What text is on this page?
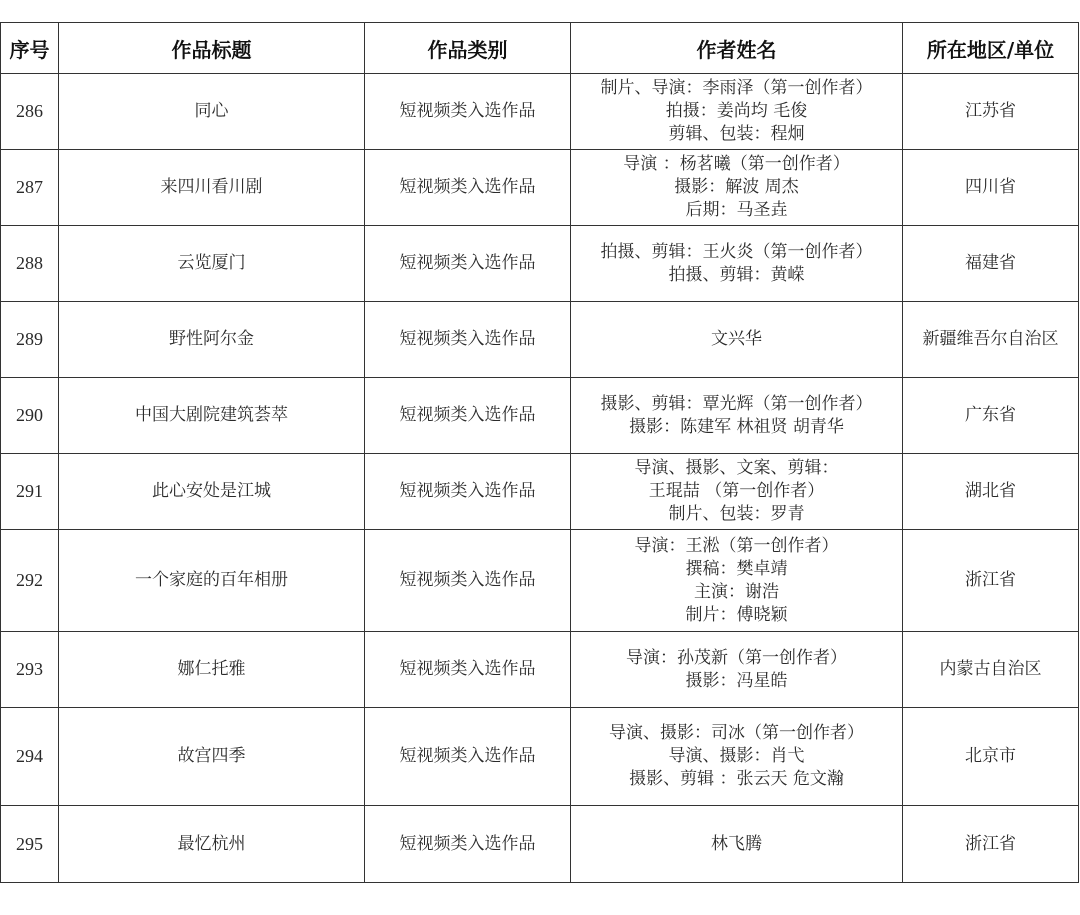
序号	作品标题	作品类别	作者姓名	所在地区/单位
286	同心	短视频类入选作品	制片、导演：李雨泽（第一创作者）
拍摄：姜尚均 毛俊
剪辑、包装：程炯	江苏省
287	来四川看川剧	短视频类入选作品	导演 ：杨茗曦（第一创作者）
摄影：解波 周杰
后期：马圣垚	四川省
288	云览厦门	短视频类入选作品	拍摄、剪辑：王火炎（第一创作者）
拍摄、剪辑：黄嵘	福建省
289	野性阿尔金	短视频类入选作品	文兴华	新疆维吾尔自治区
290	中国大剧院建筑荟萃	短视频类入选作品	摄影、剪辑：覃光辉（第一创作者）
摄影：陈建军 林祖贤 胡青华	广东省
291	此心安处是江城	短视频类入选作品	导演、摄影、文案、剪辑：
王琨喆 （第一创作者）
制片、包装：罗青	湖北省
292	一个家庭的百年相册	短视频类入选作品	导演：王淞（第一创作者）
撰稿：樊卓靖
主演：谢浩
制片：傅晓颖	浙江省
293	娜仁托雅	短视频类入选作品	导演：孙茂新（第一创作者）
摄影：冯星皓	内蒙古自治区
294	故宫四季	短视频类入选作品	导演、摄影：司冰（第一创作者）
导演、摄影：肖弋
摄影、剪辑 ：张云天 危文瀚	北京市
295	最忆杭州	短视频类入选作品	林飞腾	浙江省
